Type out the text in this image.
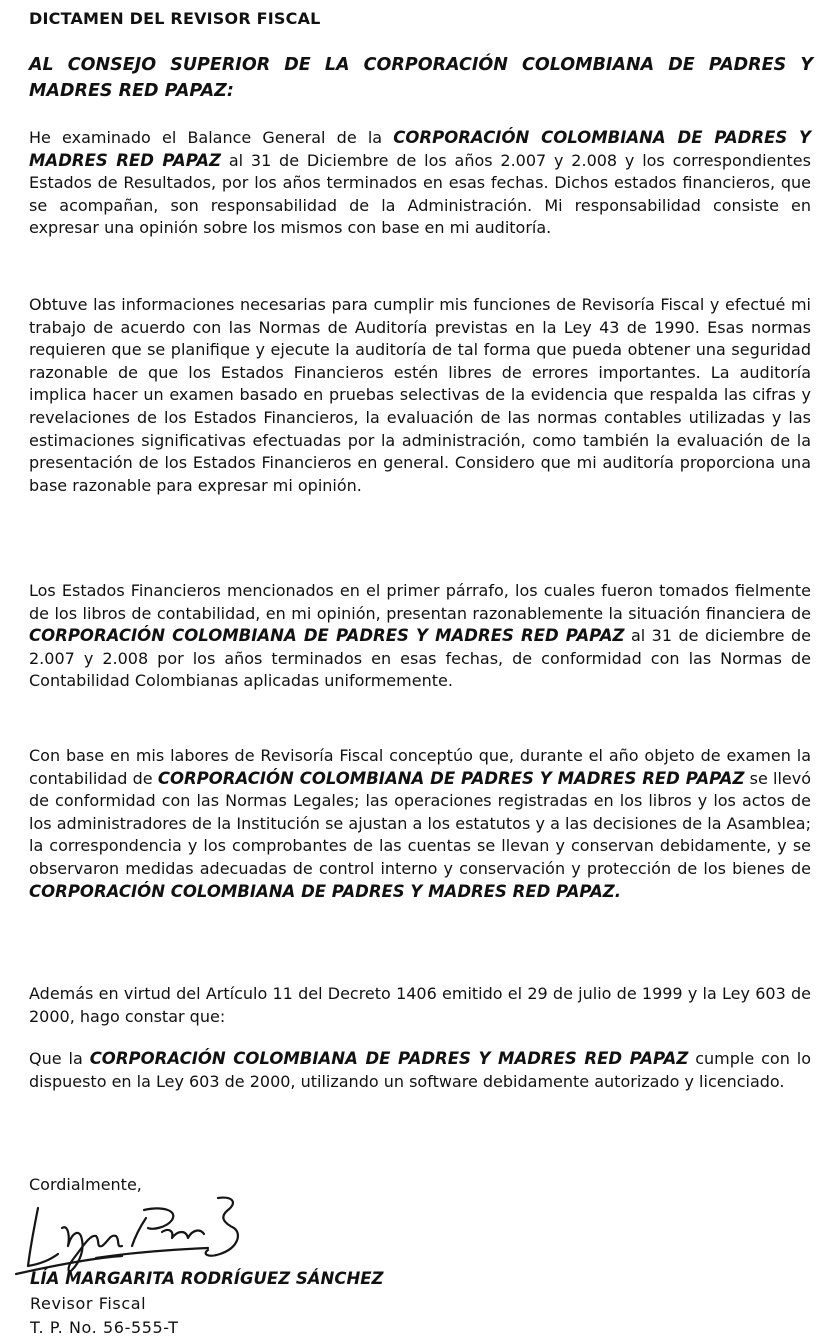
DICTAMEN DEL REVISOR FISCAL

AL CONSEJO SUPERIOR DE LA CORPORACIÓN COLOMBIANA DE PADRES Y MADRES RED PAPAZ:

He examinado el Balance General de la CORPORACIÓN COLOMBIANA DE PADRES Y MADRES RED PAPAZ al 31 de Diciembre de los años 2.007 y 2.008 y los correspondientes Estados de Resultados, por los años terminados en esas fechas. Dichos estados financieros, que se acompañan, son responsabilidad de la Administración. Mi responsabilidad consiste en expresar una opinión sobre los mismos con base en mi auditoría.

Obtuve las informaciones necesarias para cumplir mis funciones de Revisoría Fiscal y efectué mi trabajo de acuerdo con las Normas de Auditoría previstas en la Ley 43 de 1990. Esas normas requieren que se planifique y ejecute la auditoría de tal forma que pueda obtener una seguridad razonable de que los Estados Financieros estén libres de errores importantes. La auditoría implica hacer un examen basado en pruebas selectivas de la evidencia que respalda las cifras y revelaciones de los Estados Financieros, la evaluación de las normas contables utilizadas y las estimaciones significativas efectuadas por la administración, como también la evaluación de la presentación de los Estados Financieros en general. Considero que mi auditoría proporciona una base razonable para expresar mi opinión.

Los Estados Financieros mencionados en el primer párrafo, los cuales fueron tomados fielmente de los libros de contabilidad, en mi opinión, presentan razonablemente la situación financiera de CORPORACIÓN COLOMBIANA DE PADRES Y MADRES RED PAPAZ al 31 de diciembre de 2.007 y 2.008 por los años terminados en esas fechas, de conformidad con las Normas de Contabilidad Colombianas aplicadas uniformemente.

Con base en mis labores de Revisoría Fiscal conceptúo que, durante el año objeto de examen la contabilidad de CORPORACIÓN COLOMBIANA DE PADRES Y MADRES RED PAPAZ se llevó de conformidad con las Normas Legales; las operaciones registradas en los libros y los actos de los administradores de la Institución se ajustan a los estatutos y a las decisiones de la Asamblea; la correspondencia y los comprobantes de las cuentas se llevan y conservan debidamente, y se observaron medidas adecuadas de control interno y conservación y protección de los bienes de CORPORACIÓN COLOMBIANA DE PADRES Y MADRES RED PAPAZ.

Además en virtud del Artículo 11 del Decreto 1406 emitido el 29 de julio de 1999 y la Ley 603 de 2000, hago constar que:

Que la CORPORACIÓN COLOMBIANA DE PADRES Y MADRES RED PAPAZ cumple con lo dispuesto en la Ley 603 de 2000, utilizando un software debidamente autorizado y licenciado.

Cordialmente,

LÍA MARGARITA RODRÍGUEZ SÁNCHEZ

Revisor Fiscal

T. P. No. 56-555-T
